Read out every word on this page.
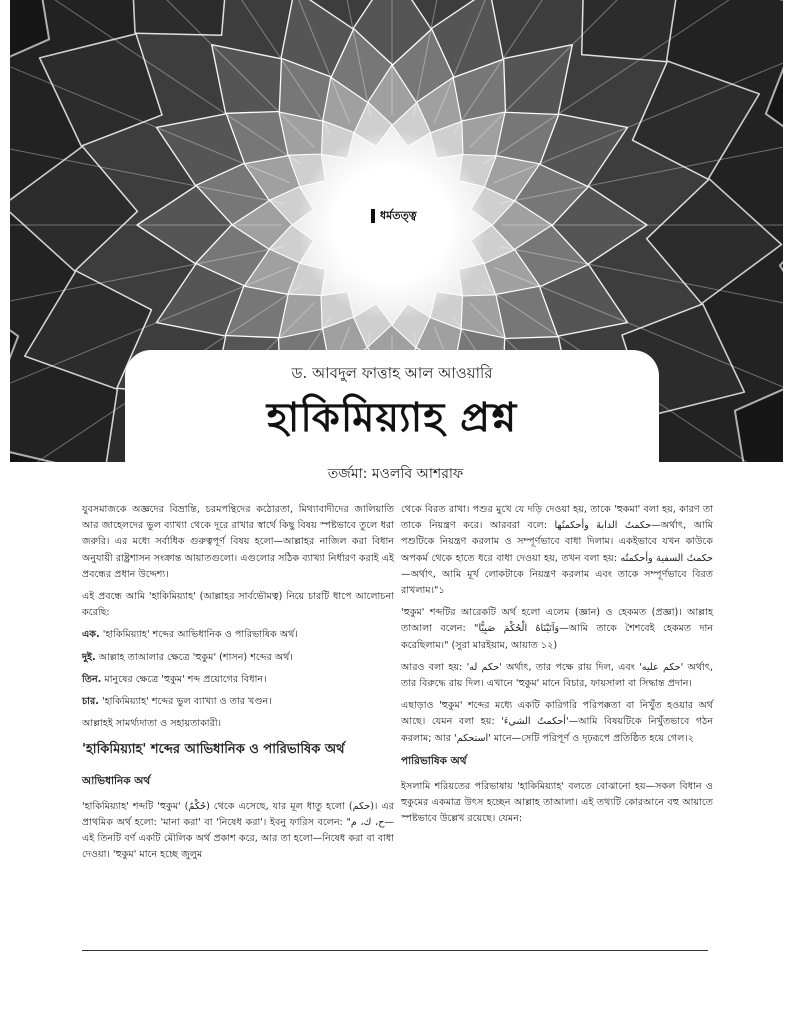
ধর্মতত্ত্ব
ড. আবদুল ফাত্তাহ আল আওয়ারি
হাকিমিয়্যাহ প্রশ্ন
তর্জমা: মওলবি আশরাফ

যুবসমাজকে অজ্ঞদের বিভ্রান্তি, চরমপন্থিদের কঠোরতা, মিথ্যাবাদীদের জালিয়াতি আর জাহেলদের ভুল ব্যাখ্যা থেকে দূরে রাখার স্বার্থে কিছু বিষয় স্পষ্টভাবে তুলে ধরা জরুরি। এর মধ্যে সর্বাধিক গুরুত্বপূর্ণ বিষয় হলো—আল্লাহর নাজিল করা বিধান অনুযায়ী রাষ্ট্রশাসন সংক্রান্ত আয়াতগুলো। এগুলোর সঠিক ব্যাখ্যা নির্ধারণ করাই এই প্রবন্ধের প্রধান উদ্দেশ্য।

এই প্রবন্ধে আমি 'হাকিমিয়্যাহ' (আল্লাহর সার্বভৌমত্ব) নিয়ে চারটি ধাপে আলোচনা করেছি:

এক. 'হাকিমিয়্যাহ' শব্দের আভিধানিক ও পারিভাষিক অর্থ।

দুই. আল্লাহ তাআলার ক্ষেত্রে 'হুকুম' (শাসন) শব্দের অর্থ।

তিন. মানুষের ক্ষেত্রে 'হুকুম' শব্দ প্রয়োগের বিধান।

চার. 'হাকিমিয়্যাহ' শব্দের ভুল ব্যাখ্যা ও তার খণ্ডন।

আল্লাহই সামর্থ্যদাতা ও সহায়তাকারী।

'হাকিমিয়্যাহ' শব্দের আভিধানিক ও পারিভাষিক অর্থ
আভিধানিক অর্থ

'হাকিমিয়্যাহ' শব্দটি 'হুকুম' (حُكْمٌ) থেকে এসেছে, যার মূল ধাতু হলো (حكم)। এর প্রাথমিক অর্থ হলো: 'মানা করা' বা 'নিষেধ করা'। ইবনু ফারিস বলেন: "ح، ك، م—এই তিনটি বর্ণ একটি মৌলিক অর্থ প্রকাশ করে, আর তা হলো—নিষেধ করা বা বাধা দেওয়া। 'হুকুম' মানে হচ্ছে জুলুম

থেকে বিরত রাখা। পশুর মুখে যে দড়ি দেওয়া হয়, তাকে 'হুকমা' বলা হয়, কারণ তা তাকে নিয়ন্ত্রণ করে। আরবরা বলে: حكمتُ الدابةَ وأحكمتُها—অর্থাৎ, আমি পশুটিকে নিয়ন্ত্রণ করলাম ও সম্পূর্ণভাবে বাধা দিলাম। একইভাবে যখন কাউকে অপকর্ম থেকে হাতে ধরে বাধা দেওয়া হয়, তখন বলা হয়: حكمتُ السفيهَ وأحكمتُه—অর্থাৎ, আমি মূর্খ লোকটাকে নিয়ন্ত্রণ করলাম এবং তাকে সম্পূর্ণভাবে বিরত রাখলাম।"১

'হুকুম' শব্দটির আরেকটি অর্থ হলো এলেম (জ্ঞান) ও হেকমত (প্রজ্ঞা)। আল্লাহ তাআলা বলেন: "وَآتَيْنَاهُ الْحُكْمَ صَبِيًّا—আমি তাকে শৈশবেই হেকমত দান করেছিলাম।" (সুরা মারইয়াম, আয়াত ১২)

আরও বলা হয়: 'حكم له' অর্থাৎ, তার পক্ষে রায় দিল, এবং 'حكم عليه' অর্থাৎ, তার বিরুদ্ধে রায় দিল। এখানে 'হুকুম' মানে বিচার, ফায়সালা বা সিদ্ধান্ত প্রদান।

এছাড়াও 'হুকুম' শব্দের মধ্যে একটি কারিগরি পরিপক্কতা বা নিখুঁত হওয়ার অর্থ আছে। যেমন বলা হয়: 'أحكمتُ الشيءَ'—আমি বিষয়টিকে নিখুঁতভাবে গঠন করলাম; আর 'استحكم' মানে—সেটি পরিপূর্ণ ও দৃঢ়রূপে প্রতিষ্ঠিত হয়ে গেল।২

পারিভাষিক অর্থ

ইসলামি শরিয়তের পরিভাষায় 'হাকিমিয়্যাহ' বলতে বোঝানো হয়—সকল বিধান ও হুকুমের একমাত্র উৎস হচ্ছেন আল্লাহ তাআলা। এই তথ্যটি কোরআনে বহু আয়াতে স্পষ্টভাবে উল্লেখ রয়েছে। যেমন:
